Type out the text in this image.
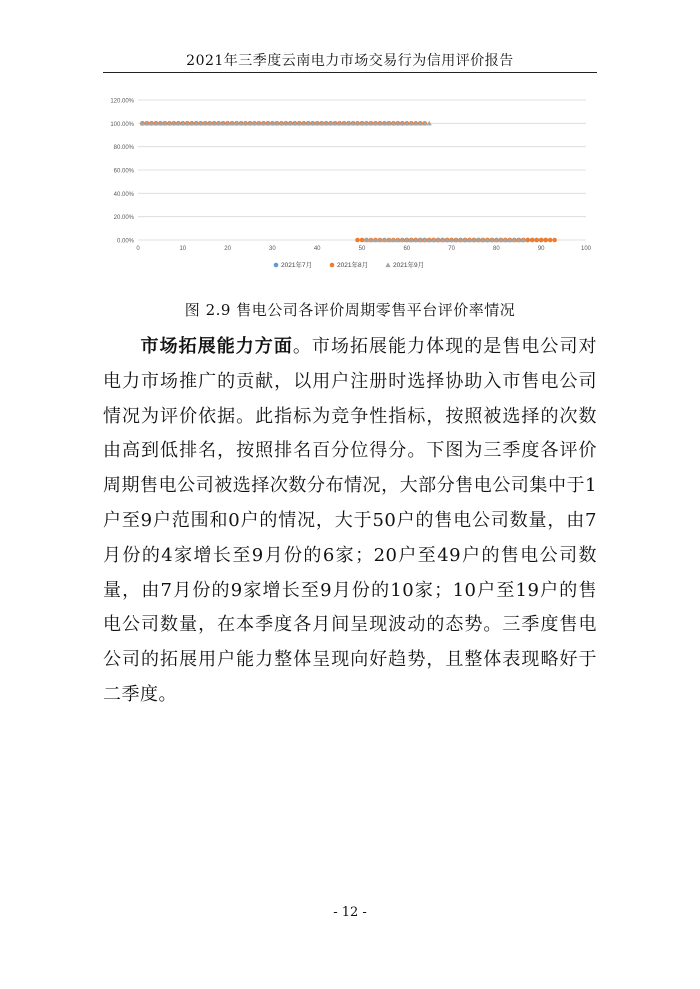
2021年三季度云南电力市场交易行为信用评价报告
0.00%
20.00%
40.00%
60.00%
80.00%
100.00%
120.00%
0	10	20	30	40	50	60	70	80	90	100
2021年7月	2021年8月	2021年9月
图 2.9 售电公司各评价周期零售平台评价率情况
  市场拓展能力方面。市场拓展能力体现的是售电公司对电力市场推广的贡献，以用户注册时选择协助入市售电公司情况为评价依据。此指标为竞争性指标，按照被选择的次数由高到低排名，按照排名百分位得分。下图为三季度各评价周期售电公司被选择次数分布情况，大部分售电公司集中于1户至9户范围和0户的情况，大于50户的售电公司数量，由7月份的4家增长至9月份的6家；20户至49户的售电公司数量，由7月份的9家增长至9月份的10家；10户至19户的售电公司数量，在本季度各月间呈现波动的态势。三季度售电公司的拓展用户能力整体呈现向好趋势，且整体表现略好于二季度。
- 12 -
